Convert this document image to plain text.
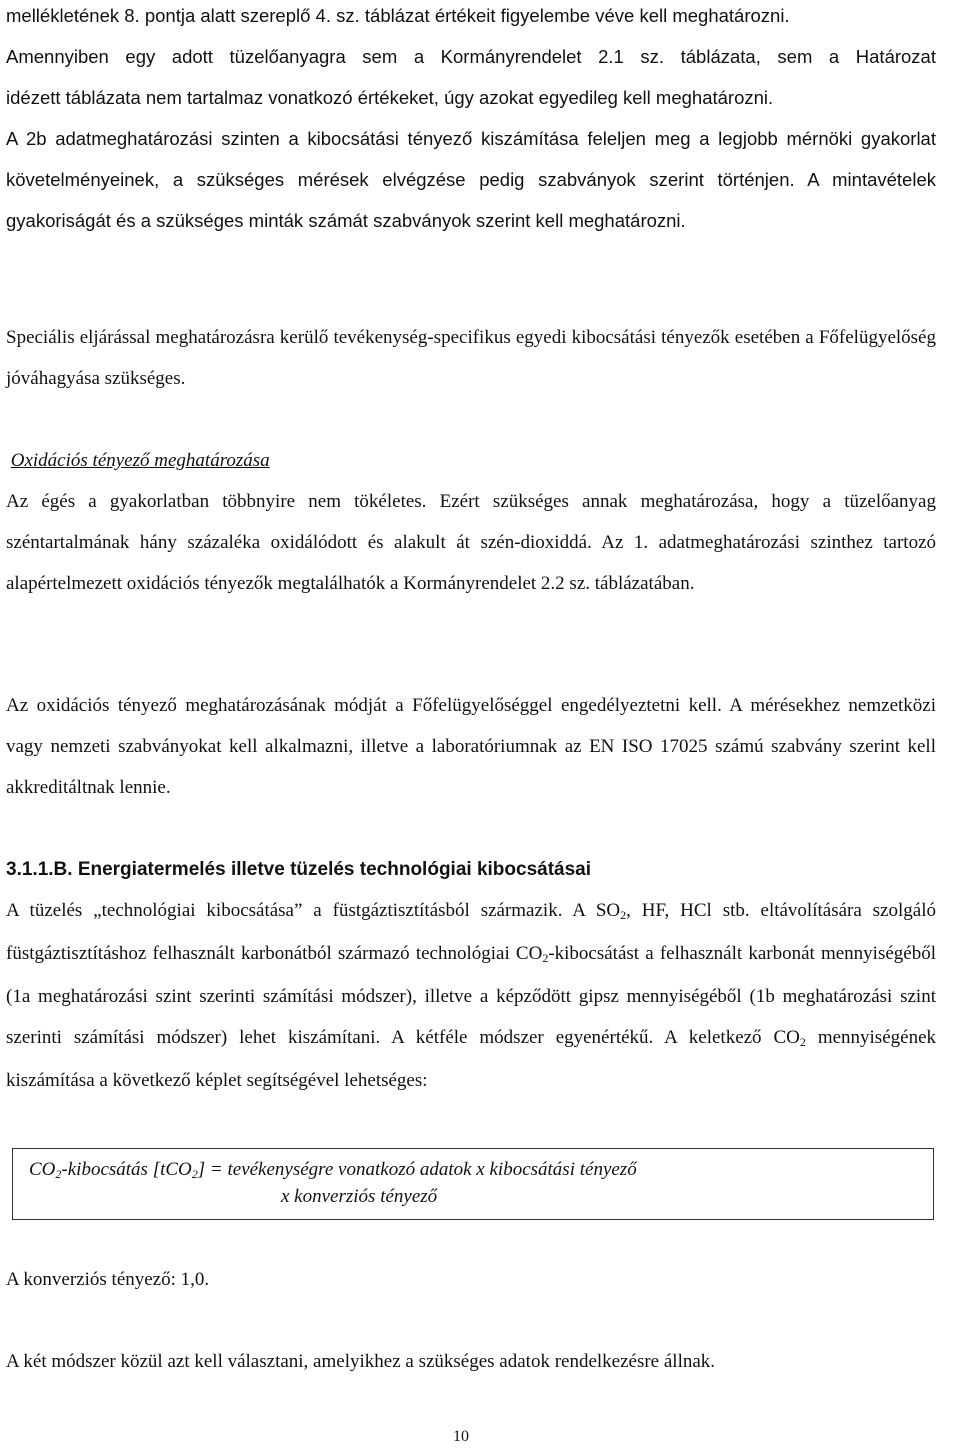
mellékletének 8. pontja alatt szereplő 4. sz. táblázat értékeit figyelembe véve kell meghatározni.
Amennyiben egy adott tüzelőanyagra sem a Kormányrendelet 2.1 sz. táblázata, sem a Határozat
idézett táblázata nem tartalmaz vonatkozó értékeket, úgy azokat egyedileg kell meghatározni.

A 2b adatmeghatározási szinten a kibocsátási tényező kiszámítása feleljen meg a legjobb mérnöki gyakorlat követelményeinek, a szükséges mérések elvégzése pedig szabványok szerint történjen. A mintavételek gyakoriságát és a szükséges minták számát szabványok szerint kell meghatározni.

Speciális eljárással meghatározásra kerülő tevékenység-specifikus egyedi kibocsátási tényezők esetében a Főfelügyelőség jóváhagyása szükséges.

Oxidációs tényező meghatározása

Az égés a gyakorlatban többnyire nem tökéletes. Ezért szükséges annak meghatározása, hogy a tüzelőanyag széntartalmának hány százaléka oxidálódott és alakult át szén-dioxiddá. Az 1. adatmeghatározási szinthez tartozó alapértelmezett oxidációs tényezők megtalálhatók a Kormányrendelet 2.2 sz. táblázatában.

Az oxidációs tényező meghatározásának módját a Főfelügyelőséggel engedélyeztetni kell. A mérésekhez nemzetközi vagy nemzeti szabványokat kell alkalmazni, illetve a laboratóriumnak az EN ISO 17025 számú szabvány szerint kell akkreditáltnak lennie.

3.1.1.B. Energiatermelés illetve tüzelés technológiai kibocsátásai

A tüzelés „technológiai kibocsátása” a füstgáztisztításból származik. A $SO_2$, HF, HCl stb. eltávolítására szolgáló füstgáztisztításhoz felhasznált karbonátból származó technológiai $CO_2$-kibocsátást a felhasznált karbonát mennyiségéből (1a meghatározási szint szerinti számítási módszer), illetve a képződött gipsz mennyiségéből (1b meghatározási szint szerinti számítási módszer) lehet kiszámítani. A kétféle módszer egyenértékű. A keletkező $CO_2$ mennyiségének kiszámítása a következő képlet segítségével lehetséges:

$CO_2$-kibocsátás [tCO$_2$] = tevékenységre vonatkozó adatok x kibocsátási tényező
x konverziós tényező

A konverziós tényező: 1,0.

A két módszer közül azt kell választani, amelyikhez a szükséges adatok rendelkezésre állnak.

10
